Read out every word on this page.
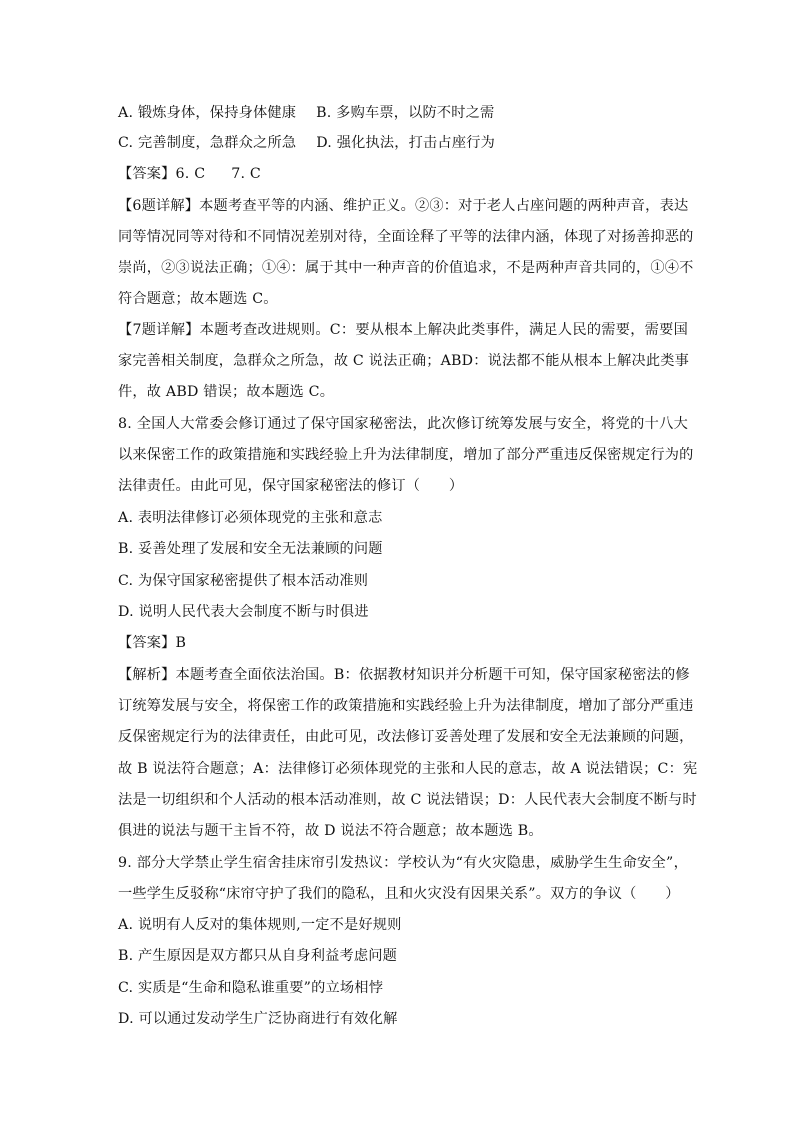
A. 锻炼身体，保持身体健康 B. 多购车票，以防不时之需
C. 完善制度，急群众之所急 D. 强化执法，打击占座行为
【答案】6. C 7. C
【6题详解】本题考查平等的内涵、维护正义。②③：对于老人占座问题的两种声音，表达
同等情况同等对待和不同情况差别对待，全面诠释了平等的法律内涵，体现了对扬善抑恶的
崇尚，②③说法正确；①④：属于其中一种声音的价值追求，不是两种声音共同的，①④不
符合题意；故本题选 C。
【7题详解】本题考查改进规则。C：要从根本上解决此类事件，满足人民的需要，需要国
家完善相关制度，急群众之所急，故 C 说法正确；ABD：说法都不能从根本上解决此类事
件，故 ABD 错误；故本题选 C。
8. 全国人大常委会修订通过了保守国家秘密法，此次修订统筹发展与安全，将党的十八大
以来保密工作的政策措施和实践经验上升为法律制度，增加了部分严重违反保密规定行为的
法律责任。由此可见，保守国家秘密法的修订（　　）
A. 表明法律修订必须体现党的主张和意志
B. 妥善处理了发展和安全无法兼顾的问题
C. 为保守国家秘密提供了根本活动准则
D. 说明人民代表大会制度不断与时俱进
【答案】B
【解析】本题考查全面依法治国。B：依据教材知识并分析题干可知，保守国家秘密法的修
订统筹发展与安全，将保密工作的政策措施和实践经验上升为法律制度，增加了部分严重违
反保密规定行为的法律责任，由此可见，改法修订妥善处理了发展和安全无法兼顾的问题，
故 B 说法符合题意；A：法律修订必须体现党的主张和人民的意志，故 A 说法错误；C：宪
法是一切组织和个人活动的根本活动准则，故 C 说法错误；D：人民代表大会制度不断与时
俱进的说法与题干主旨不符，故 D 说法不符合题意；故本题选 B。
9. 部分大学禁止学生宿舍挂床帘引发热议：学校认为“有火灾隐患，威胁学生生命安全”，
一些学生反驳称“床帘守护了我们的隐私，且和火灾没有因果关系”。双方的争议（　　）
A. 说明有人反对的集体规则,一定不是好规则
B. 产生原因是双方都只从自身利益考虑问题
C. 实质是“生命和隐私谁重要”的立场相悖
D. 可以通过发动学生广泛协商进行有效化解
